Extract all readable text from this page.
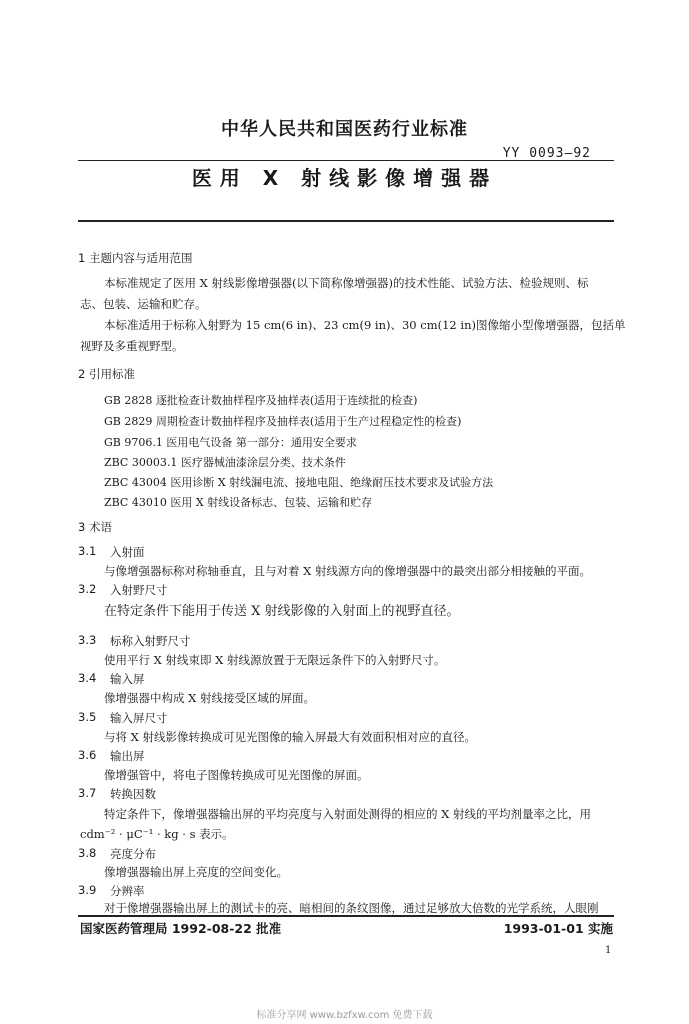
中华人民共和国医药行业标准
YY 0093—92
医用 X 射线影像增强器
1 主题内容与适用范围
本标准规定了医用 X 射线影像增强器(以下简称像增强器)的技术性能、试验方法、检验规则、标
志、包装、运输和贮存。
本标准适用于标称入射野为 15 cm(6 in)、23 cm(9 in)、30 cm(12 in)图像缩小型像增强器，包括单
视野及多重视野型。
2 引用标准
GB 2828 逐批检查计数抽样程序及抽样表(适用于连续批的检查)
GB 2829 周期检查计数抽样程序及抽样表(适用于生产过程稳定性的检查)
GB 9706.1 医用电气设备 第一部分：通用安全要求
ZBC 30003.1 医疗器械油漆涂层分类、技术条件
ZBC 43004 医用诊断 X 射线漏电流、接地电阻、绝缘耐压技术要求及试验方法
ZBC 43010 医用 X 射线设备标志、包装、运输和贮存
3 术语
3.1 入射面
与像增强器标称对称轴垂直，且与对着 X 射线源方向的像增强器中的最突出部分相接触的平面。
3.2 入射野尺寸
在特定条件下能用于传送 X 射线影像的入射面上的视野直径。
3.3 标称入射野尺寸
使用平行 X 射线束即 X 射线源放置于无限远条件下的入射野尺寸。
3.4 输入屏
像增强器中构成 X 射线接受区域的屏面。
3.5 输入屏尺寸
与将 X 射线影像转换成可见光图像的输入屏最大有效面积相对应的直径。
3.6 输出屏
像增强管中，将电子图像转换成可见光图像的屏面。
3.7 转换因数
特定条件下，像增强器输出屏的平均亮度与入射面处测得的相应的 X 射线的平均剂量率之比，用
cdm⁻² · μC⁻¹ · kg · s 表示。
3.8 亮度分布
像增强器输出屏上亮度的空间变化。
3.9 分辨率
对于像增强器输出屏上的测试卡的亮、暗相间的条纹图像，通过足够放大倍数的光学系统，人眼刚
国家医药管理局 1992-08-22 批准	1993-01-01 实施
1
标准分享网 www.bzfxw.com 免费下载
